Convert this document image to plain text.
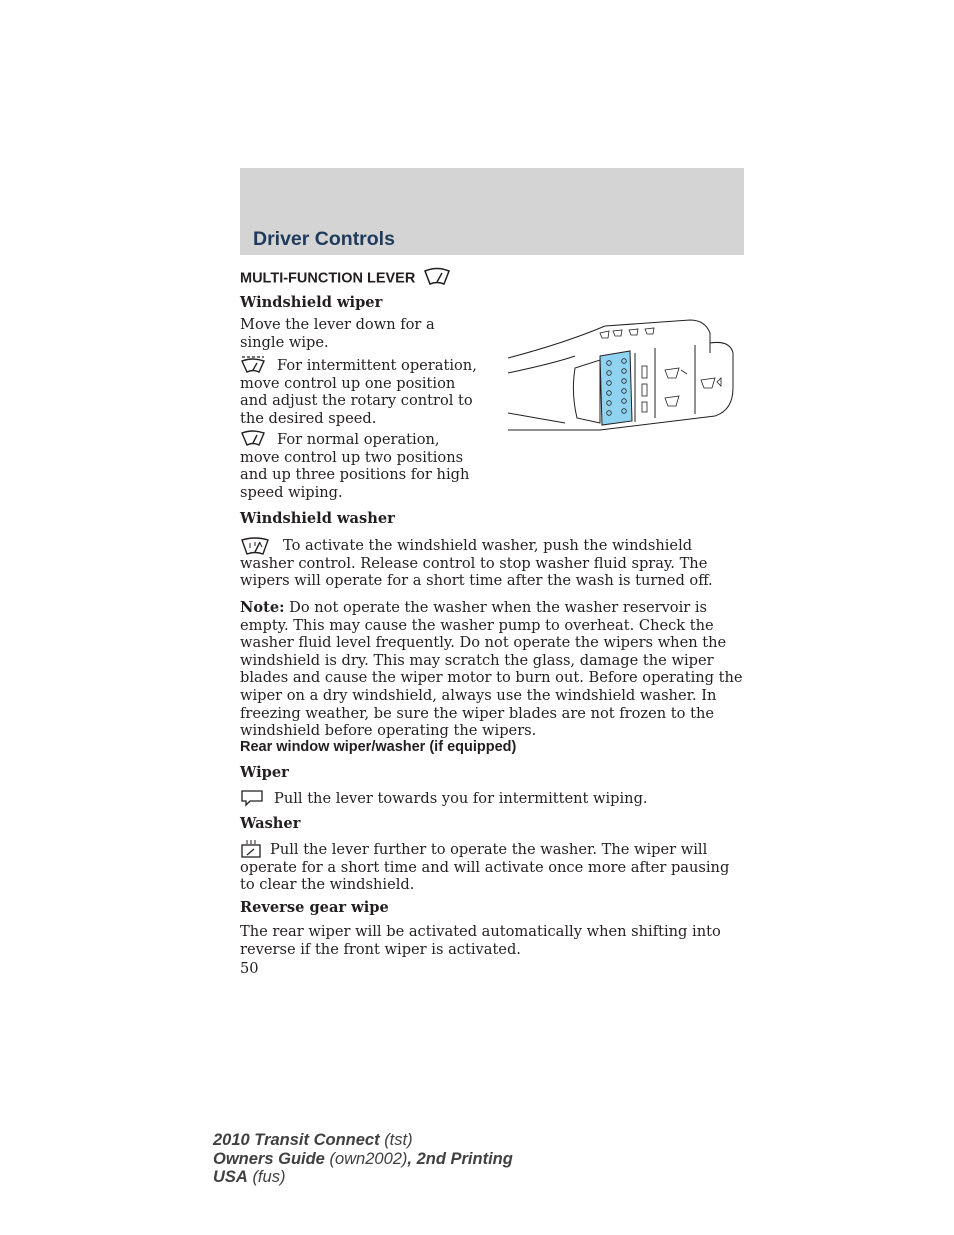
Driver Controls
MULTI-FUNCTION LEVER
Windshield wiper
Move the lever down for a single wipe.
For intermittent operation, move control up one position and adjust the rotary control to the desired speed.
For normal operation, move control up two positions and up three positions for high speed wiping.
Windshield washer
To activate the windshield washer, push the windshield washer control. Release control to stop washer fluid spray. The wipers will operate for a short time after the wash is turned off.
Note: Do not operate the washer when the washer reservoir is empty. This may cause the washer pump to overheat. Check the washer fluid level frequently. Do not operate the wipers when the windshield is dry. This may scratch the glass, damage the wiper blades and cause the wiper motor to burn out. Before operating the wiper on a dry windshield, always use the windshield washer. In freezing weather, be sure the wiper blades are not frozen to the windshield before operating the wipers.
Rear window wiper/washer (if equipped)
Wiper
Pull the lever towards you for intermittent wiping.
Washer
Pull the lever further to operate the washer. The wiper will operate for a short time and will activate once more after pausing to clear the windshield.
Reverse gear wipe
The rear wiper will be activated automatically when shifting into reverse if the front wiper is activated.
50
2010 Transit Connect (tst)
Owners Guide (own2002), 2nd Printing
USA (fus)
